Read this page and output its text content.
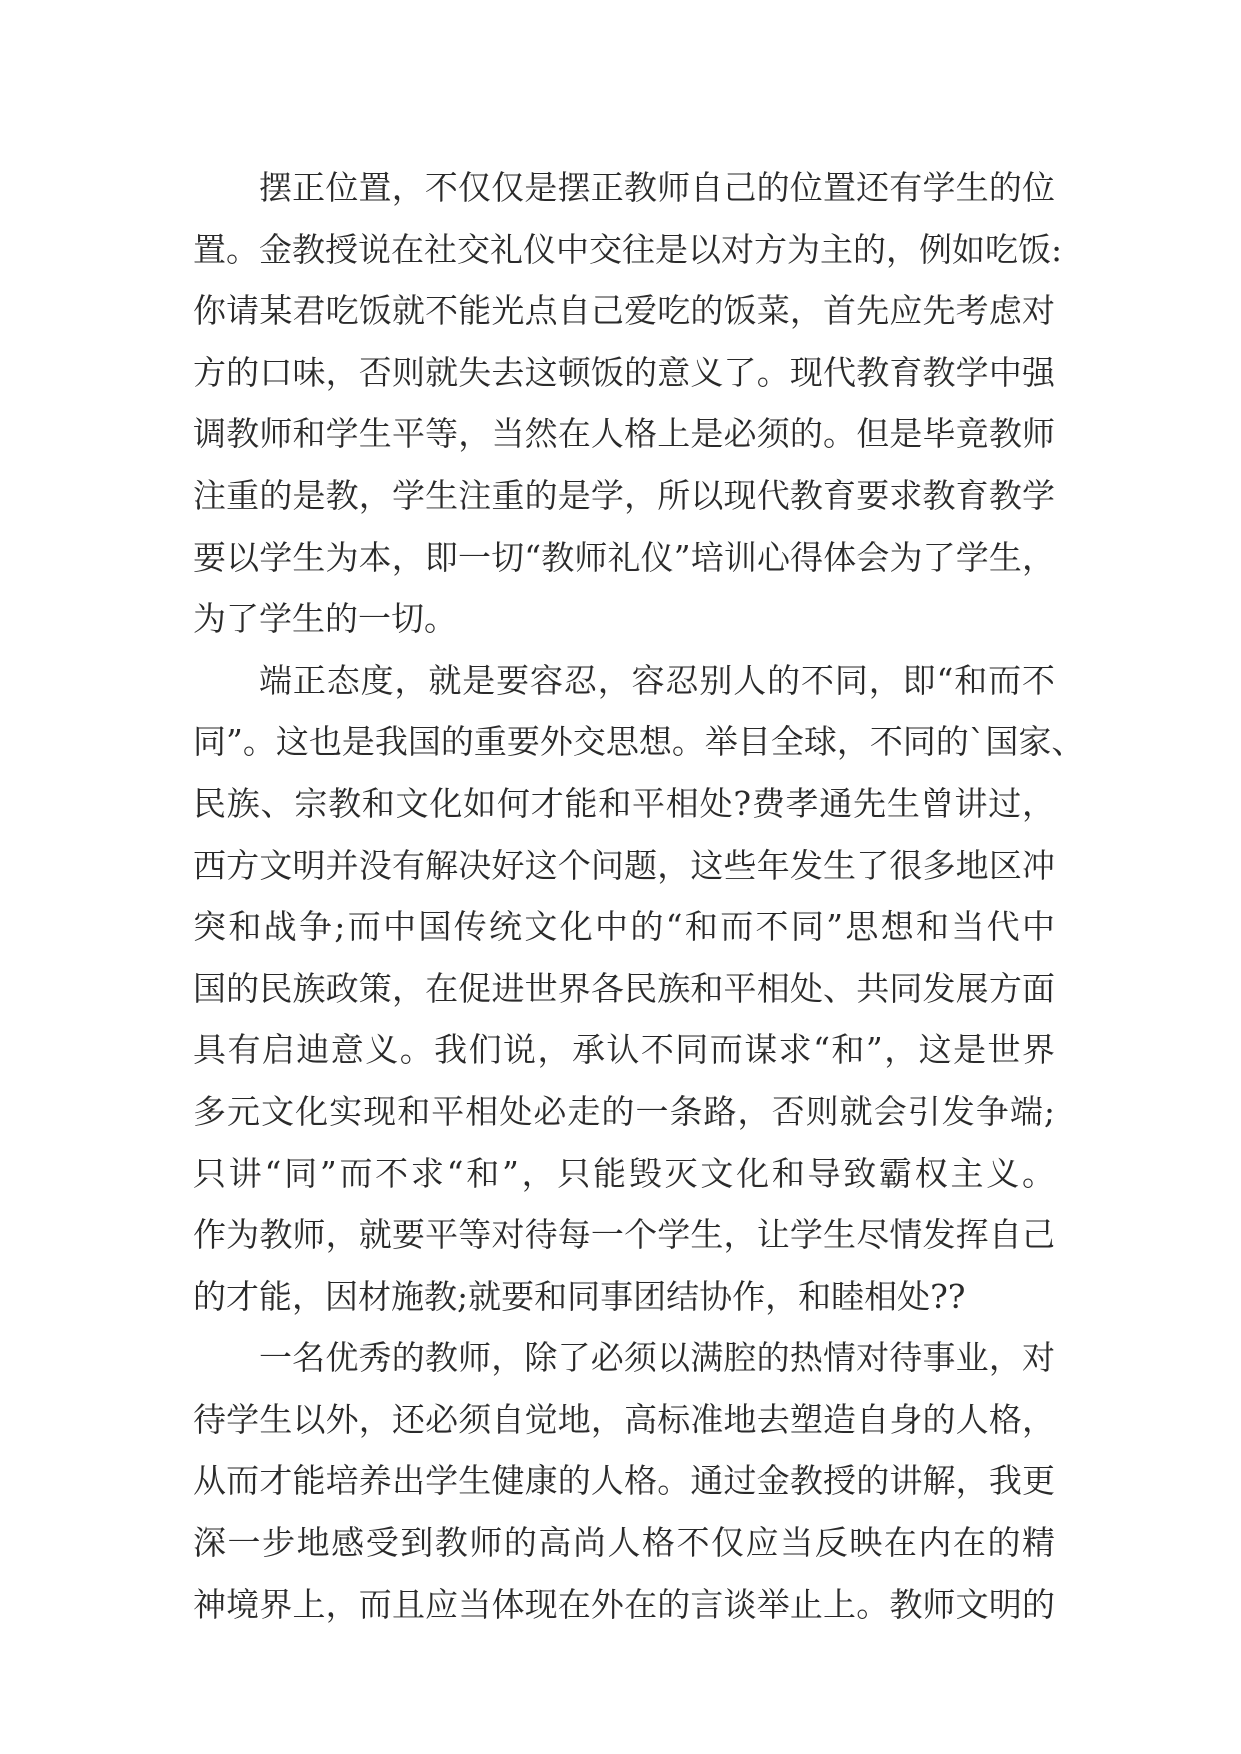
摆正位置，不仅仅是摆正教师自己的位置还有学生的位
置。金教授说在社交礼仪中交往是以对方为主的，例如吃饭:
你请某君吃饭就不能光点自己爱吃的饭菜，首先应先考虑对
方的口味，否则就失去这顿饭的意义了。现代教育教学中强
调教师和学生平等，当然在人格上是必须的。但是毕竟教师
注重的是教，学生注重的是学，所以现代教育要求教育教学
要以学生为本，即一切“教师礼仪”培训心得体会为了学生，
为了学生的一切。
端正态度，就是要容忍，容忍别人的不同，即“和而不
同”。这也是我国的重要外交思想。举目全球，不同的`国家、
民族、宗教和文化如何才能和平相处?费孝通先生曾讲过，
西方文明并没有解决好这个问题，这些年发生了很多地区冲
突和战争;而中国传统文化中的“和而不同”思想和当代中
国的民族政策，在促进世界各民族和平相处、共同发展方面
具有启迪意义。我们说，承认不同而谋求“和”，这是世界
多元文化实现和平相处必走的一条路，否则就会引发争端;
只讲“同”而不求“和”，只能毁灭文化和导致霸权主义。
作为教师，就要平等对待每一个学生，让学生尽情发挥自己
的才能，因材施教;就要和同事团结协作，和睦相处??
一名优秀的教师，除了必须以满腔的热情对待事业，对
待学生以外，还必须自觉地，高标准地去塑造自身的人格，
从而才能培养出学生健康的人格。通过金教授的讲解，我更
深一步地感受到教师的高尚人格不仅应当反映在内在的精
神境界上，而且应当体现在外在的言谈举止上。教师文明的
